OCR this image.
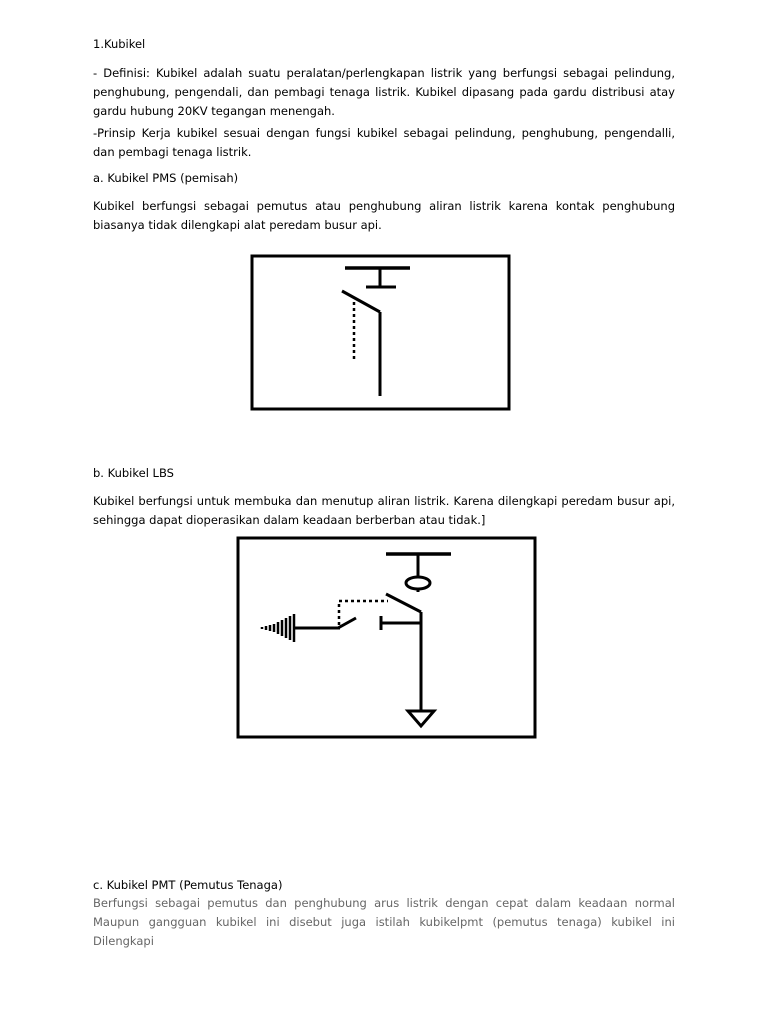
1.Kubikel

- Definisi: Kubikel adalah suatu peralatan/perlengkapan listrik yang berfungsi sebagai pelindung, penghubung, pengendali, dan pembagi tenaga listrik. Kubikel dipasang pada gardu distribusi atay gardu hubung 20KV tegangan menengah.

-Prinsip Kerja kubikel sesuai dengan fungsi kubikel sebagai pelindung, penghubung, pengendalli, dan pembagi tenaga listrik.

a. Kubikel PMS (pemisah)

Kubikel berfungsi sebagai pemutus atau penghubung aliran listrik karena kontak penghubung biasanya tidak dilengkapi alat peredam busur api.

b. Kubikel LBS

Kubikel berfungsi untuk membuka dan menutup aliran listrik. Karena dilengkapi peredam busur api, sehingga dapat dioperasikan dalam keadaan berberban atau tidak.]

c. Kubikel PMT (Pemutus Tenaga)

Berfungsi sebagai pemutus dan penghubung arus listrik dengan cepat dalam keadaan normal Maupun gangguan kubikel ini disebut juga istilah kubikelpmt (pemutus tenaga) kubikel ini Dilengkapi
